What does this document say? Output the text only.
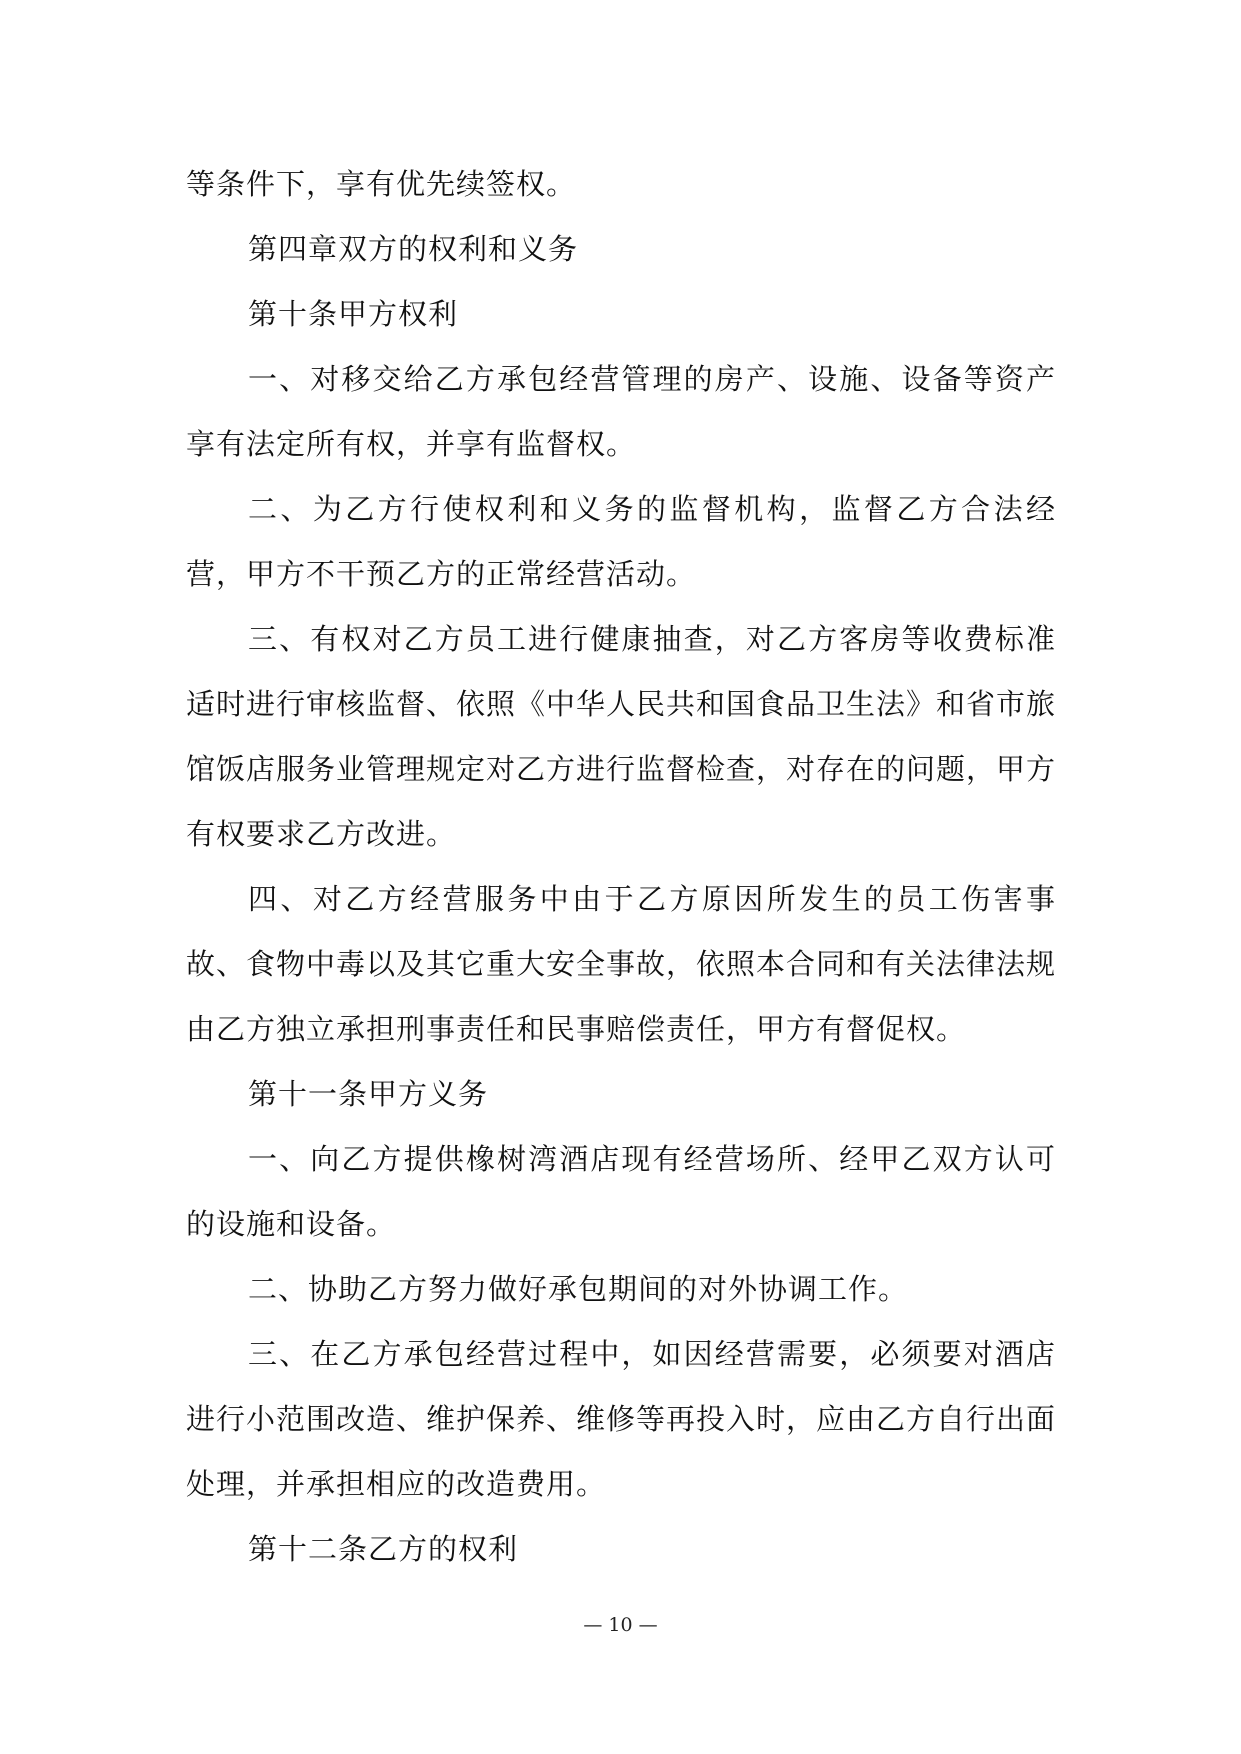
等条件下，享有优先续签权。

第四章双方的权利和义务

第十条甲方权利

一、对移交给乙方承包经营管理的房产、设施、设备等资产享有法定所有权，并享有监督权。

二、为乙方行使权利和义务的监督机构，监督乙方合法经营，甲方不干预乙方的正常经营活动。

三、有权对乙方员工进行健康抽查，对乙方客房等收费标准适时进行审核监督、依照《中华人民共和国食品卫生法》和省市旅馆饭店服务业管理规定对乙方进行监督检查，对存在的问题，甲方有权要求乙方改进。

四、对乙方经营服务中由于乙方原因所发生的员工伤害事故、食物中毒以及其它重大安全事故，依照本合同和有关法律法规由乙方独立承担刑事责任和民事赔偿责任，甲方有督促权。

第十一条甲方义务

一、向乙方提供橡树湾酒店现有经营场所、经甲乙双方认可的设施和设备。

二、协助乙方努力做好承包期间的对外协调工作。

三、在乙方承包经营过程中，如因经营需要，必须要对酒店进行小范围改造、维护保养、维修等再投入时，应由乙方自行出面处理，并承担相应的改造费用。

第十二条乙方的权利

— 10 —
